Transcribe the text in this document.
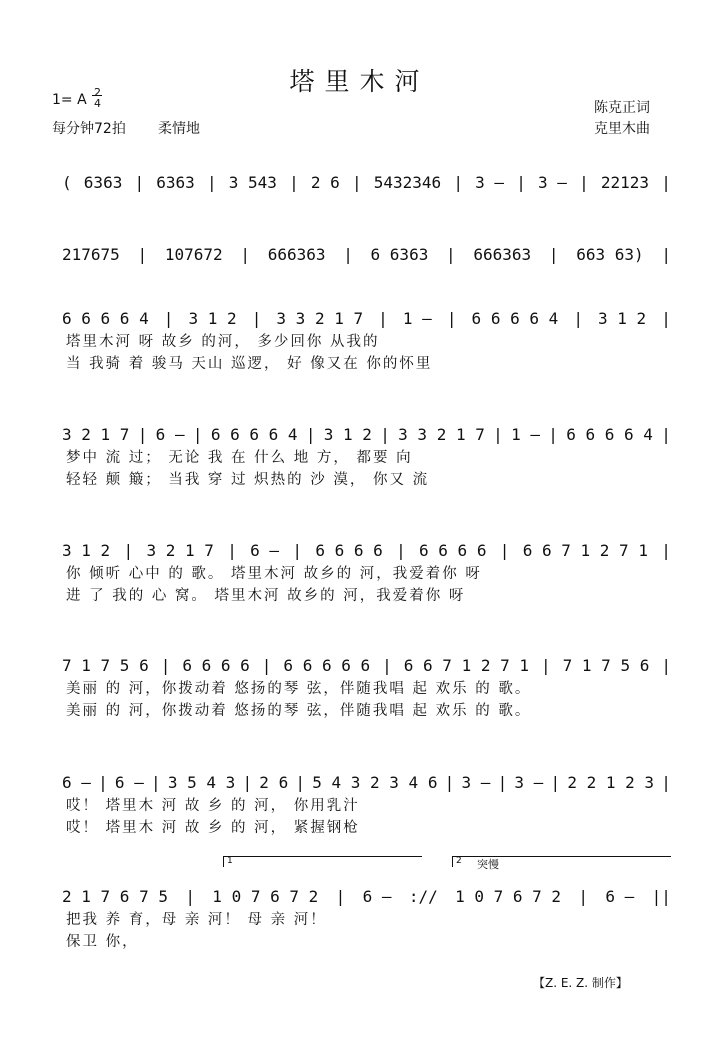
塔里木河
1= A 2
4
每分钟72拍 柔情地
陈克正词
克里木曲
( 6363 | 6363 | 3 543 | 2 6 | 5432346 | 3 – | 3 – | 22123 |
217675 | 107672 | 666363 | 6 6363 | 666363 | 663 63) |
6 6 6 6 4 | 3 1 2 | 3 3 2 1 7 | 1 – | 6 6 6 6 4 | 3 1 2 |
塔里木河 呀 故乡 的河， 多少回你 从我的
当 我骑 着 骏马 天山 巡逻， 好 像又在 你的怀里
3 2 1 7 | 6 – | 6 6 6 6 4 | 3 1 2 | 3 3 2 1 7 | 1 – | 6 6 6 6 4 |
梦中 流 过； 无论 我 在 什么 地 方， 都要 向
轻轻 颠 簸； 当我 穿 过 炽热的 沙 漠， 你又 流
3 1 2 | 3 2 1 7 | 6 – | 6 6 6 6 | 6 6 6 6 | 6 6 7 1 2 7 1 |
你 倾听 心中 的 歌。 塔里木河 故乡的 河，我爱着你 呀
进 了 我的 心 窝。 塔里木河 故乡的 河，我爱着你 呀
7 1 7 5 6 | 6 6 6 6 | 6 6 6 6 6 | 6 6 7 1 2 7 1 | 7 1 7 5 6 |
美丽 的 河，你拨动着 悠扬的琴 弦，伴随我唱 起 欢乐 的 歌。
美丽 的 河，你拨动着 悠扬的琴 弦，伴随我唱 起 欢乐 的 歌。
6 – | 6 – | 3 5 4 3 | 2 6 | 5 4 3 2 3 4 6 | 3 – | 3 – | 2 2 1 2 3 |
哎！ 塔里木 河 故 乡 的 河， 你用乳汁
哎！ 塔里木 河 故 乡 的 河， 紧握钢枪
2 1 7 6 7 5 | 1 0 7 6 7 2 | 6 – :// 1 0 7 6 7 2 | 6 – ||
把我 养 育，母 亲 河！ 母 亲 河！
保卫 你，
1	2 突慢
【Z. E. Z. 制作】
